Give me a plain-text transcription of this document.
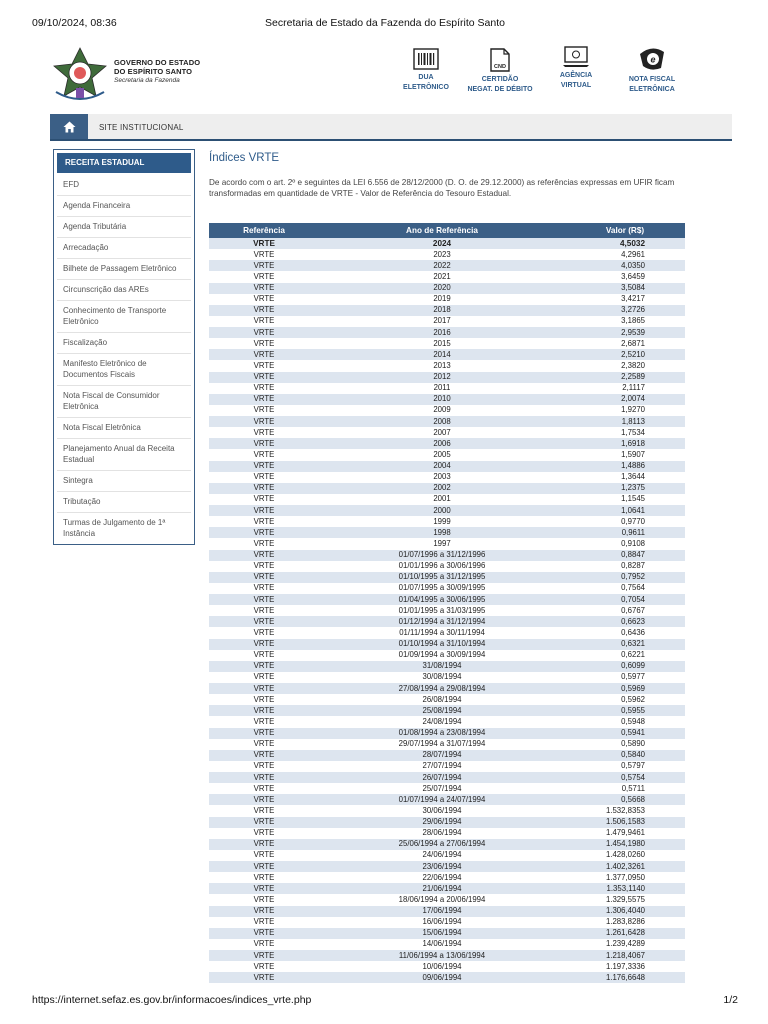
09/10/2024, 08:36	Secretaria de Estado da Fazenda do Espírito Santo
GOVERNO DO ESTADO
DO ESPÍRITO SANTO
Secretaria da Fazenda	DUA
ELETRÔNICO
CND
CERTIDÃO
NEGAT. DE DÉBITO
AGÊNCIA
VIRTUAL
e
NOTA FISCAL
ELETRÔNICA
SITE INSTITUCIONAL
RECEITA ESTADUAL
EFD
Agenda Financeira
Agenda Tributária
Arrecadação
Bilhete de Passagem Eletrônico
Circunscrição das AREs
Conhecimento de Transporte Eletrônico
Fiscalização
Manifesto Eletrônico de Documentos Fiscais
Nota Fiscal de Consumidor Eletrônica
Nota Fiscal Eletrônica
Planejamento Anual da Receita Estadual
Sintegra
Tributação
Turmas de Julgamento de 1ª Instância
Índices VRTE

De acordo com o art. 2º e seguintes da LEI 6.556 de 28/12/2000 (D. O. de 29.12.2000) as referências expressas em UFIR ficam transformadas em quantidade de VRTE - Valor de Referência do Tesouro Estadual.

Referência	Ano de Referência	Valor (R$)
VRTE	2024	4,5032
VRTE	2023	4,2961
VRTE	2022	4,0350
VRTE	2021	3,6459
VRTE	2020	3,5084
VRTE	2019	3,4217
VRTE	2018	3,2726
VRTE	2017	3,1865
VRTE	2016	2,9539
VRTE	2015	2,6871
VRTE	2014	2,5210
VRTE	2013	2,3820
VRTE	2012	2,2589
VRTE	2011	2,1117
VRTE	2010	2,0074
VRTE	2009	1,9270
VRTE	2008	1,8113
VRTE	2007	1,7534
VRTE	2006	1,6918
VRTE	2005	1,5907
VRTE	2004	1,4886
VRTE	2003	1,3644
VRTE	2002	1,2375
VRTE	2001	1,1545
VRTE	2000	1,0641
VRTE	1999	0,9770
VRTE	1998	0,9611
VRTE	1997	0,9108
VRTE	01/07/1996 a 31/12/1996	0,8847
VRTE	01/01/1996 a 30/06/1996	0,8287
VRTE	01/10/1995 a 31/12/1995	0,7952
VRTE	01/07/1995 a 30/09/1995	0,7564
VRTE	01/04/1995 a 30/06/1995	0,7054
VRTE	01/01/1995 a 31/03/1995	0,6767
VRTE	01/12/1994 a 31/12/1994	0,6623
VRTE	01/11/1994 a 30/11/1994	0,6436
VRTE	01/10/1994 a 31/10/1994	0,6321
VRTE	01/09/1994 a 30/09/1994	0,6221
VRTE	31/08/1994	0,6099
VRTE	30/08/1994	0,5977
VRTE	27/08/1994 a 29/08/1994	0,5969
VRTE	26/08/1994	0,5962
VRTE	25/08/1994	0,5955
VRTE	24/08/1994	0,5948
VRTE	01/08/1994 a 23/08/1994	0,5941
VRTE	29/07/1994 a 31/07/1994	0,5890
VRTE	28/07/1994	0,5840
VRTE	27/07/1994	0,5797
VRTE	26/07/1994	0,5754
VRTE	25/07/1994	0,5711
VRTE	01/07/1994 a 24/07/1994	0,5668
VRTE	30/06/1994	1.532,8353
VRTE	29/06/1994	1.506,1583
VRTE	28/06/1994	1.479,9461
VRTE	25/06/1994 a 27/06/1994	1.454,1980
VRTE	24/06/1994	1.428,0260
VRTE	23/06/1994	1.402,3261
VRTE	22/06/1994	1.377,0950
VRTE	21/06/1994	1.353,1140
VRTE	18/06/1994 a 20/06/1994	1.329,5575
VRTE	17/06/1994	1.306,4040
VRTE	16/06/1994	1.283,8286
VRTE	15/06/1994	1.261,6428
VRTE	14/06/1994	1.239,4289
VRTE	11/06/1994 a 13/06/1994	1.218,4067
VRTE	10/06/1994	1.197,3336
VRTE	09/06/1994	1.176,6648
https://internet.sefaz.es.gov.br/informacoes/indices_vrte.php	1/2
